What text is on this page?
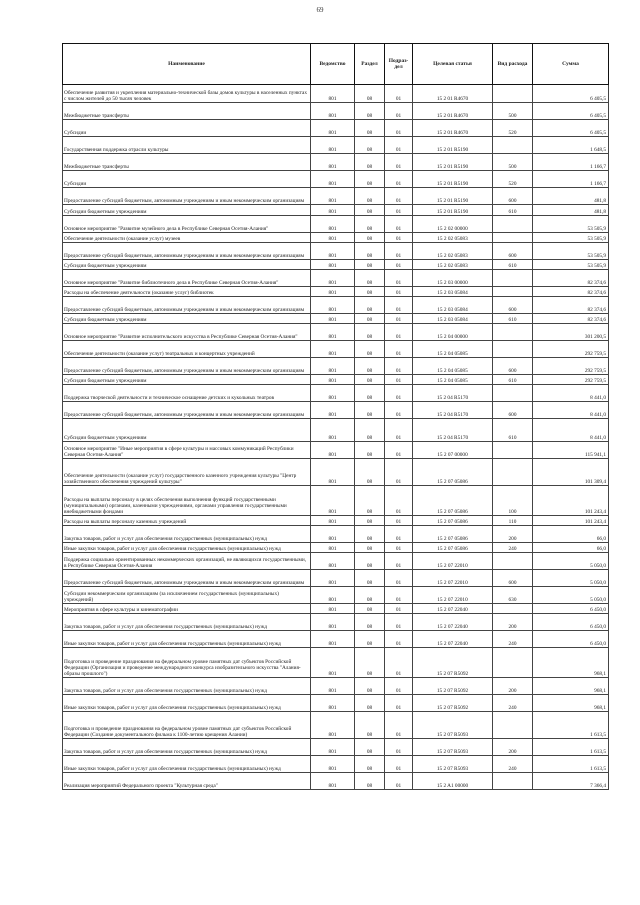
69
Наименование	Ведомство	Раздел	Подраз-дел	Целевая статья	Вид расхода	Сумма
Обеспечение развития и укрепления материально-технической базы домов культуры в населенных пунктах с числом жителей до 50 тысяч человек	801	08	01	15 2 01 R4670		6 405,5
Межбюджетные трансферты	801	08	01	15 2 01 R4670	500	6 405,5
Субсидии	801	08	01	15 2 01 R4670	520	6 405,5
Государственная поддержка отрасли культуры	801	08	01	15 2 01 R5190		1 648,5
Межбюджетные трансферты	801	08	01	15 2 01 R5190	500	1 166,7
Субсидии	801	08	01	15 2 01 R5190	520	1 166,7
Предоставление субсидий бюджетным, автономным учреждениям и иным некоммерческим организациям	801	08	01	15 2 01 R5190	600	481,8
Субсидии бюджетным учреждениям	801	08	01	15 2 01 R5190	610	481,8
Основное мероприятие "Развитие музейного дела в Республике Северная Осетия-Алания"	801	08	01	15 2 02 00000		53 505,9
Обеспечение деятельности (оказание услуг) музеев	801	08	01	15 2 02 05083		53 505,9
Предоставление субсидий бюджетным, автономным учреждениям и иным некоммерческим организациям	801	08	01	15 2 02 05083	600	53 505,9
Субсидии бюджетным учреждениям	801	08	01	15 2 02 05083	610	53 505,9
Основное мероприятие "Развитие библиотечного дела в Республике Северная Осетия-Алания"	801	08	01	15 2 03 00000		82 374,6
Расходы на обеспечение деятельности (оказание услуг) библиотек	801	08	01	15 2 03 05084		82 374,6
Предоставление субсидий бюджетным, автономным учреждениям и иным некоммерческим организациям	801	08	01	15 2 03 05084	600	82 374,6
Субсидии бюджетным учреждениям	801	08	01	15 2 03 05084	610	82 374,6
Основное мероприятие "Развитие исполнительского искусства в Республике Северная Осетия-Алания"	801	08	01	15 2 04 00000		301 200,5
Обеспечение деятельности (оказание услуг) театральных и концертных учреждений	801	08	01	15 2 04 05085		292 759,5
Предоставление субсидий бюджетным, автономным учреждениям и иным некоммерческим организациям	801	08	01	15 2 04 05085	600	292 759,5
Субсидии бюджетным учреждениям	801	08	01	15 2 04 05085	610	292 759,5
Поддержка творческой деятельности и техническое оснащение детских и кукольных театров	801	08	01	15 2 04 R5170		8 441,0
Предоставление субсидий бюджетным, автономным учреждениям и иным некоммерческим организациям	801	08	01	15 2 04 R5170	600	8 441,0
Субсидии бюджетным учреждениям	801	08	01	15 2 04 R5170	610	8 441,0
Основное мероприятие "Иные мероприятия в сфере культуры и массовых коммуникаций Республики Северная Осетия-Алания"	801	08	01	15 2 07 00000		115 941,1
Обеспечение деятельности (оказание услуг) государственного казенного учреждения культуры "Центр хозяйственного обеспечения учреждений культуры"	801	08	01	15 2 07 05086		101 309,4
Расходы на выплаты персоналу в целях обеспечения выполнения функций государственными (муниципальными) органами, казенными учреждениями, органами управления государственными внебюджетными фондами	801	08	01	15 2 07 05086	100	101 243,4
Расходы на выплаты персоналу казенных учреждений	801	08	01	15 2 07 05086	110	101 243,4
Закупка товаров, работ и услуг для обеспечения государственных (муниципальных) нужд	801	08	01	15 2 07 05086	200	66,0
Иные закупки товаров, работ и услуг для обеспечения государственных (муниципальных) нужд	801	08	01	15 2 07 05086	240	66,0
Поддержка социально ориентированных некоммерческих организаций, не являющихся государственными, в Республике Северная Осетия-Алания	801	08	01	15 2 07 22010		5 050,0
Предоставление субсидий бюджетным, автономным учреждениям и иным некоммерческим организациям	801	08	01	15 2 07 22010	600	5 050,0
Субсидии некоммерческим организациям (за исключением государственных (муниципальных) учреждений)	801	08	01	15 2 07 22010	630	5 050,0
Мероприятия в сфере культуры и кинематографии	801	08	01	15 2 07 22040		6 450,0
Закупка товаров, работ и услуг для обеспечения государственных (муниципальных) нужд	801	08	01	15 2 07 22040	200	6 450,0
Иные закупки товаров, работ и услуг для обеспечения государственных (муниципальных) нужд	801	08	01	15 2 07 22040	240	6 450,0
Подготовка и проведение празднования на федеральном уровне памятных дат субъектов Российской Федерации (Организация и проведение международного конкурса изобразительного искусства "Алания-образы прошлого")	801	08	01	15 2 07 R5092		968,1
Закупка товаров, работ и услуг для обеспечения государственных (муниципальных) нужд	801	08	01	15 2 07 R5092	200	968,1
Иные закупки товаров, работ и услуг для обеспечения государственных (муниципальных) нужд	801	08	01	15 2 07 R5092	240	968,1
Подготовка и проведение празднования на федеральном уровне памятных дат субъектов Российской Федерации (Создание документального фильма к 1100-летию крещения Алании)	801	08	01	15 2 07 R5093		1 613,5
Закупка товаров, работ и услуг для обеспечения государственных (муниципальных) нужд	801	08	01	15 2 07 R5093	200	1 613,5
Иные закупки товаров, работ и услуг для обеспечения государственных (муниципальных) нужд	801	08	01	15 2 07 R5093	240	1 613,5
Реализация мероприятий Федерального проекта "Культурная среда"	801	08	01	15 2 A1 00000		7 366,4
